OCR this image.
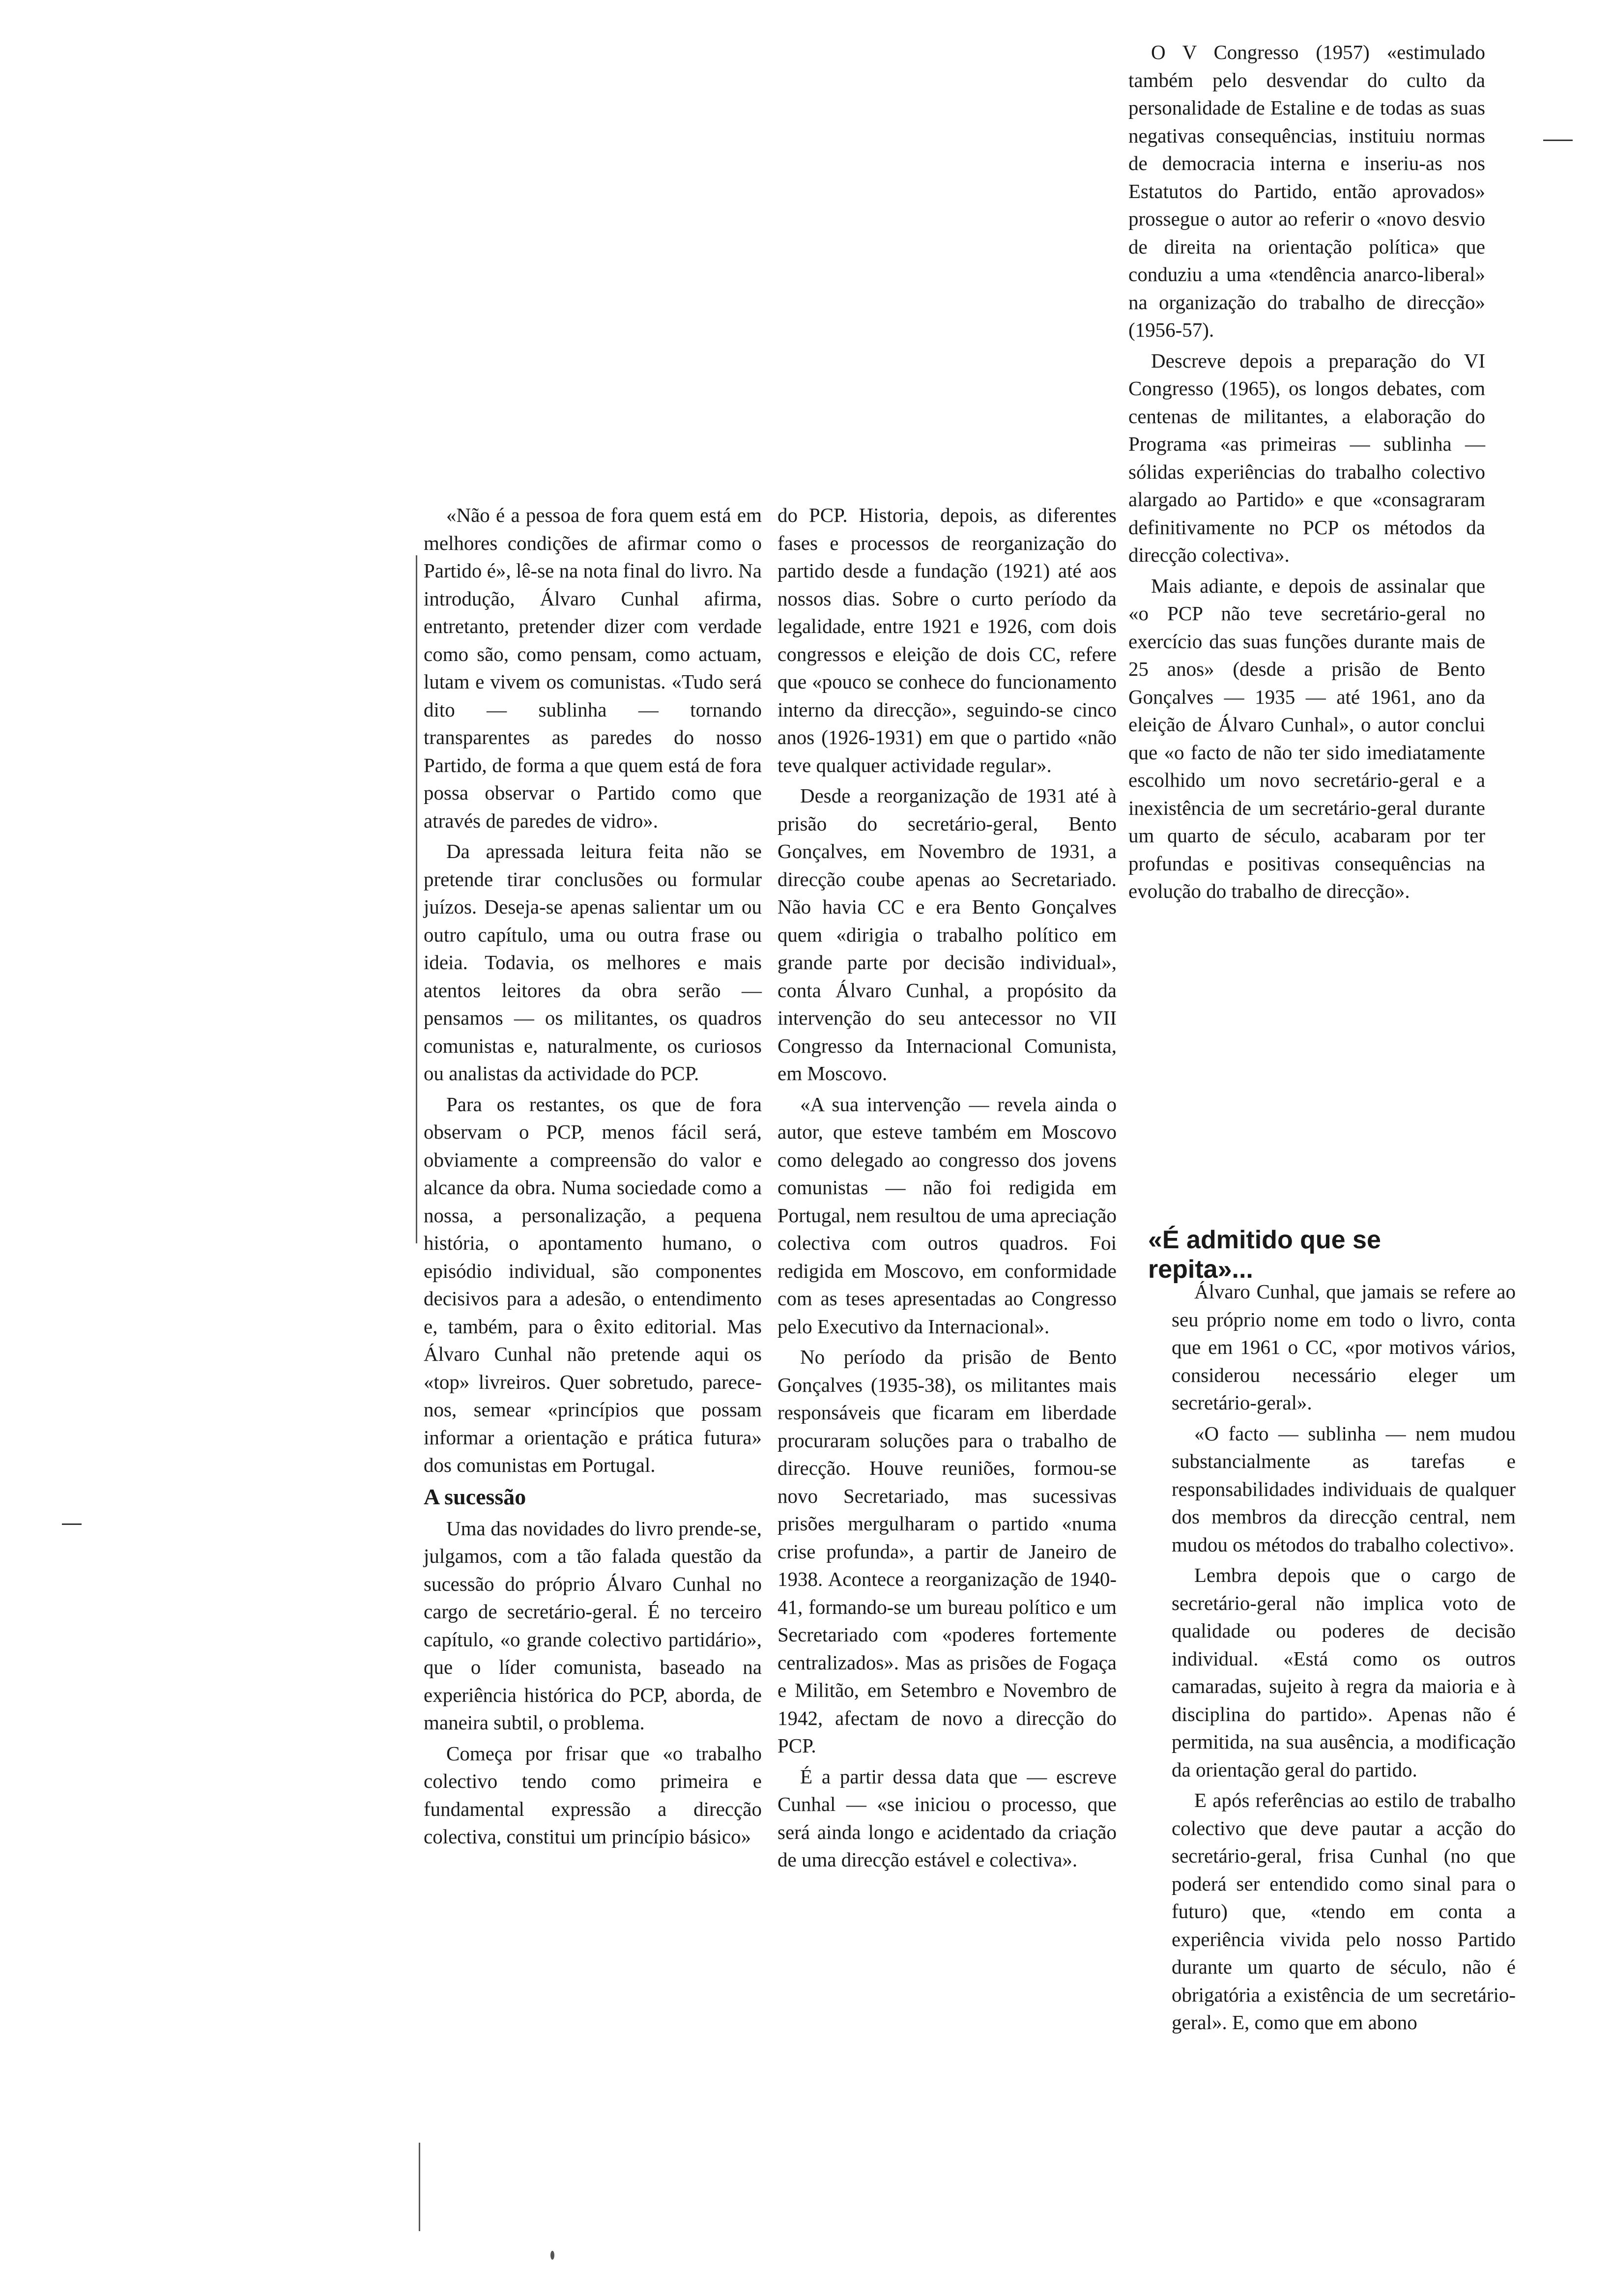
«Não é a pessoa de fora quem está em melhores condições de afirmar como o Partido é», lê-se na nota final do livro. Na introdução, Álvaro Cunhal afirma, entretanto, pretender dizer com verdade como são, como pensam, como actuam, lutam e vivem os comunistas. «Tudo será dito — sublinha — tornando transparentes as paredes do nosso Partido, de forma a que quem está de fora possa observar o Partido como que através de paredes de vidro».

Da apressada leitura feita não se pretende tirar conclusões ou formular juízos. Deseja-se apenas salientar um ou outro capítulo, uma ou outra frase ou ideia. Todavia, os melhores e mais atentos leitores da obra serão — pensamos — os militantes, os quadros comunistas e, naturalmente, os curiosos ou analistas da actividade do PCP.

Para os restantes, os que de fora observam o PCP, menos fácil será, obviamente a compreensão do valor e alcance da obra. Numa sociedade como a nossa, a personalização, a pequena história, o apontamento humano, o episódio individual, são componentes decisivos para a adesão, o entendimento e, também, para o êxito editorial. Mas Álvaro Cunhal não pretende aqui os «top» livreiros. Quer sobretudo, parece-nos, semear «princípios que possam informar a orientação e prática futura» dos comunistas em Portugal.

A sucessão

Uma das novidades do livro prende-se, julgamos, com a tão falada questão da sucessão do próprio Álvaro Cunhal no cargo de secretário-geral. É no terceiro capítulo, «o grande colectivo partidário», que o líder comunista, baseado na experiência histórica do PCP, aborda, de maneira subtil, o problema.

Começa por frisar que «o trabalho colectivo tendo como primeira e fundamental expressão a direcção colectiva, constitui um princípio básico»

do PCP. Historia, depois, as diferentes fases e processos de reorganização do partido desde a fundação (1921) até aos nossos dias. Sobre o curto período da legalidade, entre 1921 e 1926, com dois congressos e eleição de dois CC, refere que «pouco se conhece do funcionamento interno da direcção», seguindo-se cinco anos (1926-1931) em que o partido «não teve qualquer actividade regular».

Desde a reorganização de 1931 até à prisão do secretário-geral, Bento Gonçalves, em Novembro de 1931, a direcção coube apenas ao Secretariado. Não havia CC e era Bento Gonçalves quem «dirigia o trabalho político em grande parte por decisão individual», conta Álvaro Cunhal, a propósito da intervenção do seu antecessor no VII Congresso da Internacional Comunista, em Moscovo.

«A sua intervenção — revela ainda o autor, que esteve também em Moscovo como delegado ao congresso dos jovens comunistas — não foi redigida em Portugal, nem resultou de uma apreciação colectiva com outros quadros. Foi redigida em Moscovo, em conformidade com as teses apresentadas ao Congresso pelo Executivo da Internacional».

No período da prisão de Bento Gonçalves (1935-38), os militantes mais responsáveis que ficaram em liberdade procuraram soluções para o trabalho de direcção. Houve reuniões, formou-se novo Secretariado, mas sucessivas prisões mergulharam o partido «numa crise profunda», a partir de Janeiro de 1938. Acontece a reorganização de 1940-41, formando-se um bureau político e um Secretariado com «poderes fortemente centralizados». Mas as prisões de Fogaça e Militão, em Setembro e Novembro de 1942, afectam de novo a direcção do PCP.

É a partir dessa data que — escreve Cunhal — «se iniciou o processo, que será ainda longo e acidentado da criação de uma direcção estável e colectiva».

O V Congresso (1957) «estimulado também pelo desvendar do culto da personalidade de Estaline e de todas as suas negativas consequências, instituiu normas de democracia interna e inseriu-as nos Estatutos do Partido, então aprovados» prossegue o autor ao referir o «novo desvio de direita na orientação política» que conduziu a uma «tendência anarco-liberal» na organização do trabalho de direcção» (1956-57).

Descreve depois a preparação do VI Congresso (1965), os longos debates, com centenas de militantes, a elaboração do Programa «as primeiras — sublinha — sólidas experiências do trabalho colectivo alargado ao Partido» e que «consagraram definitivamente no PCP os métodos da direcção colectiva».

Mais adiante, e depois de assinalar que «o PCP não teve secretário-geral no exercício das suas funções durante mais de 25 anos» (desde a prisão de Bento Gonçalves — 1935 — até 1961, ano da eleição de Álvaro Cunhal», o autor conclui que «o facto de não ter sido imediatamente escolhido um novo secretário-geral e a inexistência de um secretário-geral durante um quarto de século, acabaram por ter profundas e positivas consequências na evolução do trabalho de direcção».

«É admitido que se repita»...

Álvaro Cunhal, que jamais se refere ao seu próprio nome em todo o livro, conta que em 1961 o CC, «por motivos vários, considerou necessário eleger um secretário-geral».

«O facto — sublinha — nem mudou substancialmente as tarefas e responsabilidades individuais de qualquer dos membros da direcção central, nem mudou os métodos do trabalho colectivo».

Lembra depois que o cargo de secretário-geral não implica voto de qualidade ou poderes de decisão individual. «Está como os outros camaradas, sujeito à regra da maioria e à disciplina do partido». Apenas não é permitida, na sua ausência, a modificação da orientação geral do partido.

E após referências ao estilo de trabalho colectivo que deve pautar a acção do secretário-geral, frisa Cunhal (no que poderá ser entendido como sinal para o futuro) que, «tendo em conta a experiência vivida pelo nosso Partido durante um quarto de século, não é obrigatória a existência de um secretário-geral». E, como que em abono
